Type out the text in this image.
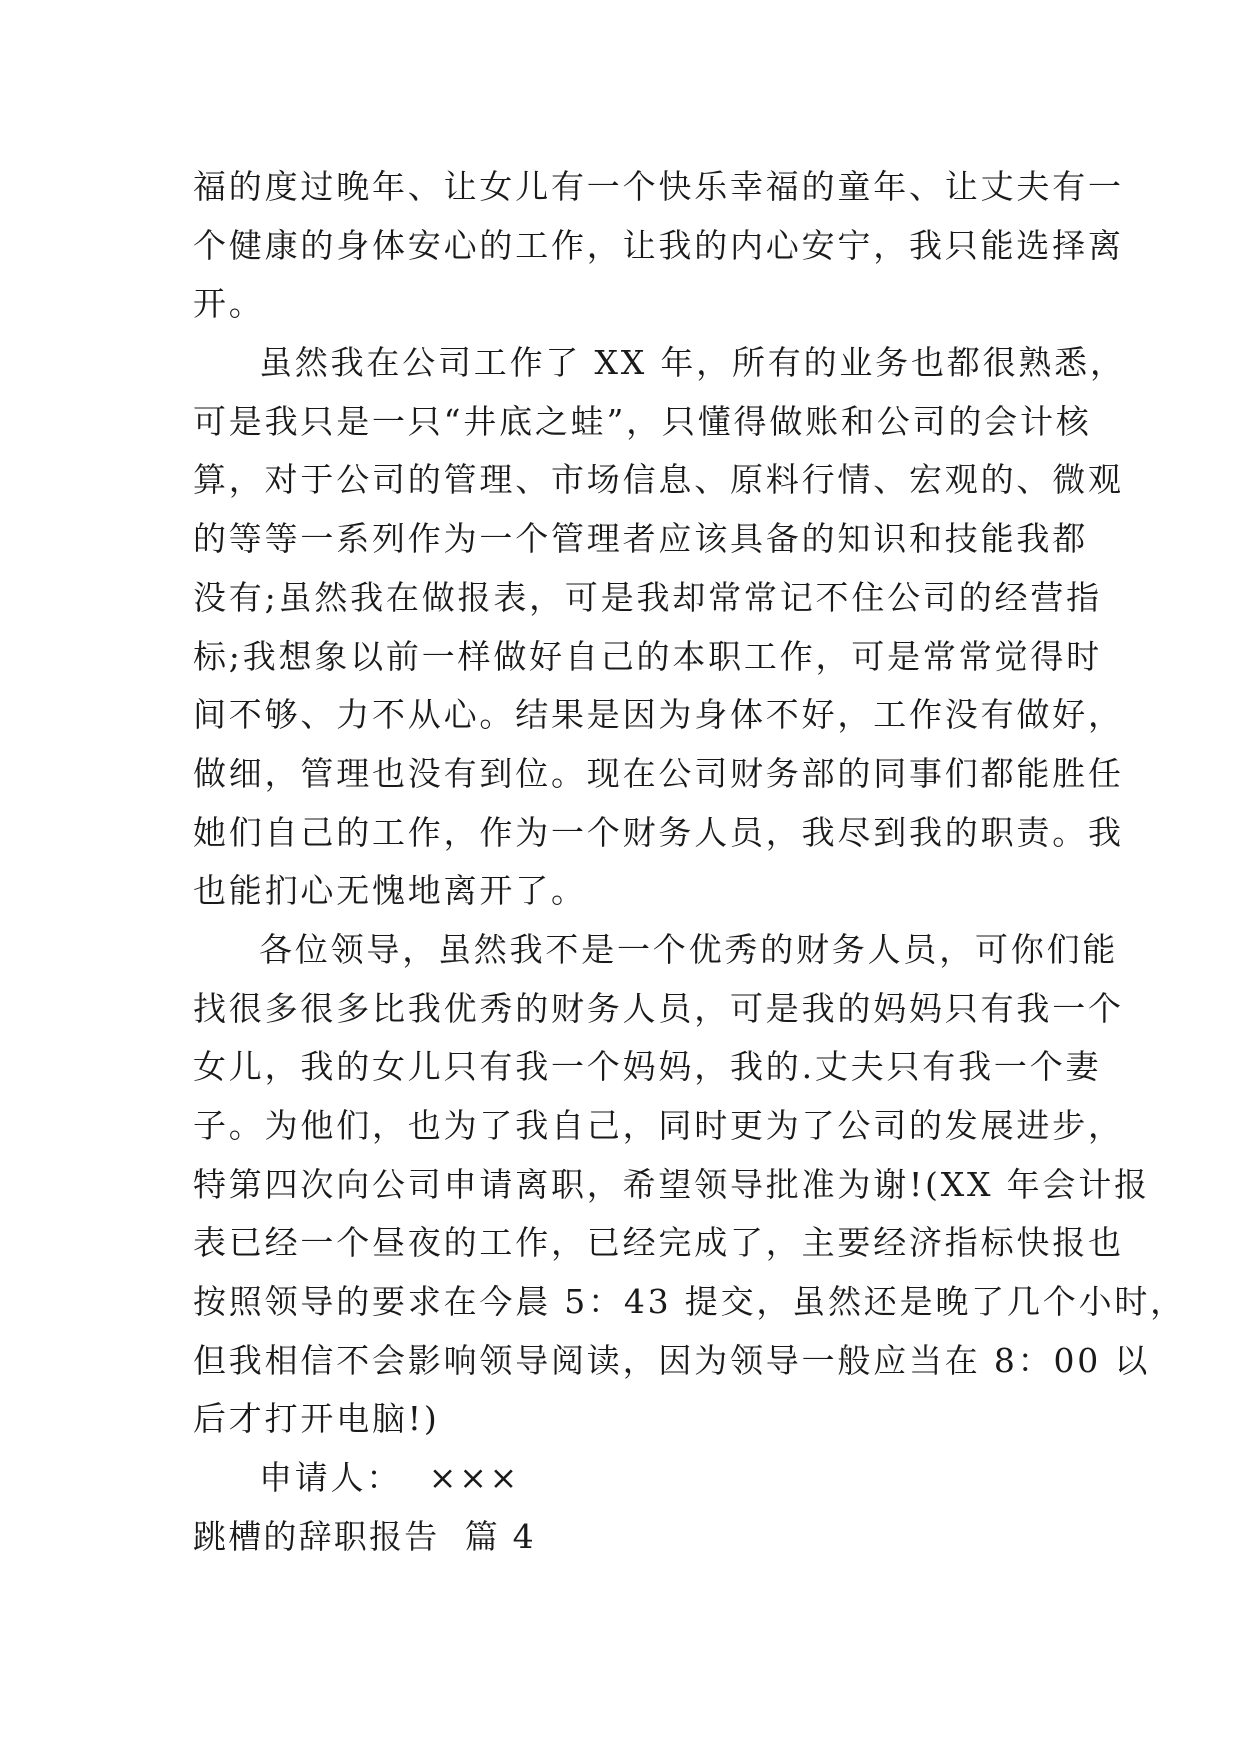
福的度过晚年、让女儿有一个快乐幸福的童年、让丈夫有一
个健康的身体安心的工作，让我的内心安宁，我只能选择离
开。
虽然我在公司工作了 XX 年，所有的业务也都很熟悉，
可是我只是一只“井底之蛙”，只懂得做账和公司的会计核
算，对于公司的管理、市场信息、原料行情、宏观的、微观
的等等一系列作为一个管理者应该具备的知识和技能我都
没有;虽然我在做报表，可是我却常常记不住公司的经营指
标;我想象以前一样做好自己的本职工作，可是常常觉得时
间不够、力不从心。结果是因为身体不好，工作没有做好，
做细，管理也没有到位。现在公司财务部的同事们都能胜任
她们自己的工作，作为一个财务人员，我尽到我的职责。我
也能扪心无愧地离开了。
各位领导，虽然我不是一个优秀的财务人员，可你们能
找很多很多比我优秀的财务人员，可是我的妈妈只有我一个
女儿，我的女儿只有我一个妈妈，我的.丈夫只有我一个妻
子。为他们，也为了我自己，同时更为了公司的发展进步，
特第四次向公司申请离职，希望领导批准为谢!(XX 年会计报
表已经一个昼夜的工作，已经完成了，主要经济指标快报也
按照领导的要求在今晨 5：43 提交，虽然还是晚了几个小时，
但我相信不会影响领导阅读，因为领导一般应当在 8：00 以
后才打开电脑!)
申请人：  ×××
跳槽的辞职报告  篇 4
